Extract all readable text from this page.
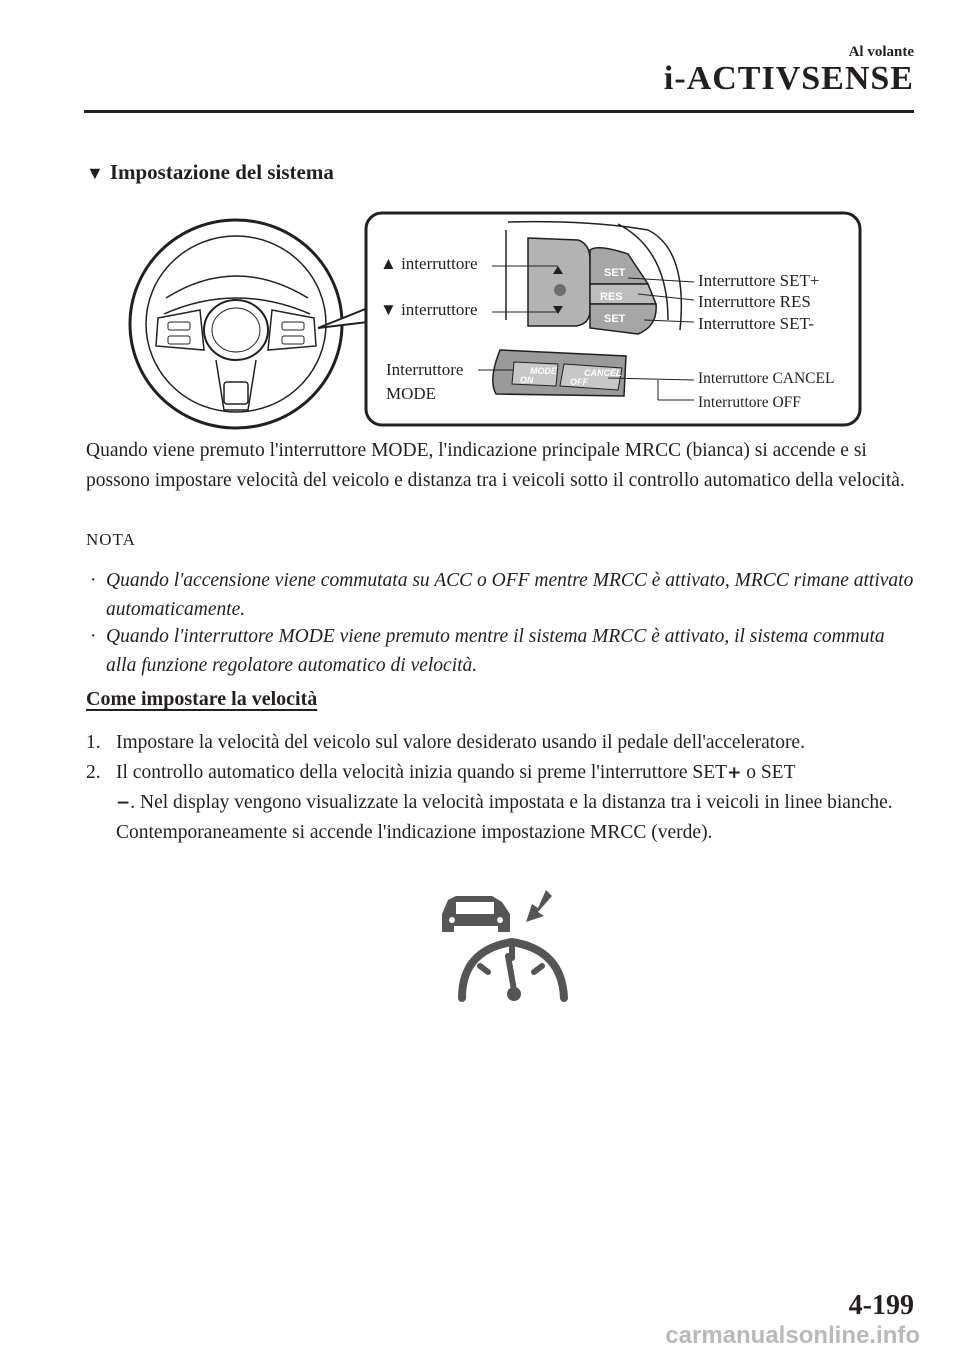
Al volante
i-ACTIVSENSE
▼ Impostazione del sistema
SET
RES
SET
MODE
ON
CANCEL
OFF
▲ interruttore
▼ interruttore
Interruttore
MODE
Interruttore SET+
Interruttore RES
Interruttore SET-
Interruttore CANCEL
Interruttore OFF
Quando viene premuto l'interruttore MODE, l'indicazione principale MRCC (bianca) si accende e si possono impostare velocità del veicolo e distanza tra i veicoli sotto il controllo automatico della velocità.
NOTA
· Quando l'accensione viene commutata su ACC o OFF mentre MRCC è attivato, MRCC rimane attivato automaticamente.
· Quando l'interruttore MODE viene premuto mentre il sistema MRCC è attivato, il sistema commuta alla funzione regolatore automatico di velocità.
Come impostare la velocità
1. Impostare la velocità del veicolo sul valore desiderato usando il pedale dell'acceleratore.
2. Il controllo automatico della velocità inizia quando si preme l'interruttore SET+ o SET
−. Nel display vengono visualizzate la velocità impostata e la distanza tra i veicoli in linee bianche. Contemporaneamente si accende l'indicazione impostazione MRCC (verde).
4-199
carmanualsonline.info
